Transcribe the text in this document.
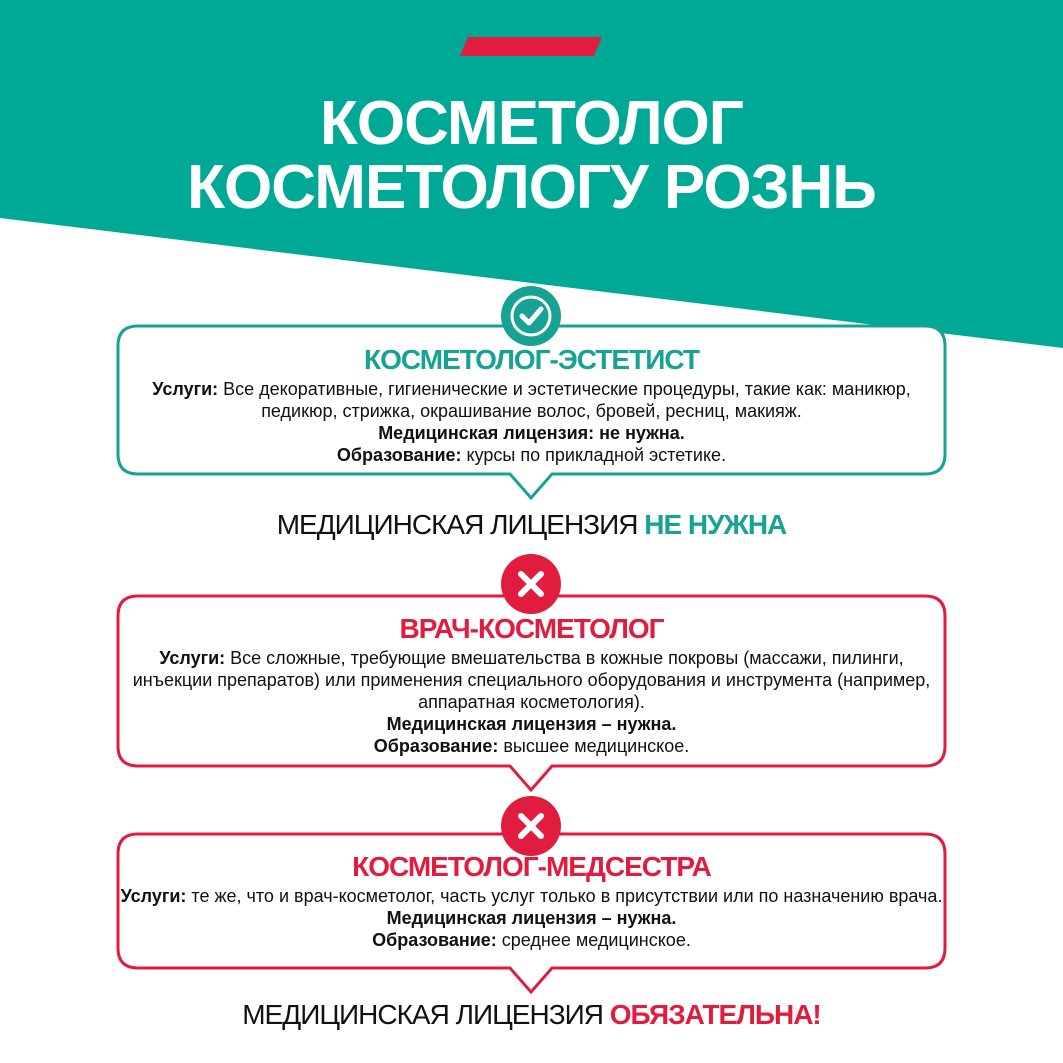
КОСМЕТОЛОГ
КОСМЕТОЛОГУ РОЗНЬ
КОСМЕТОЛОГ-ЭСТЕТИСТ
Услуги: Все декоративные, гигиенические и эстетические процедуры, такие как: маникюр, педикюр, стрижка, окрашивание волос, бровей, ресниц, макияж.
Медицинская лицензия: не нужна.
Образование: курсы по прикладной эстетике.
МЕДИЦИНСКАЯ ЛИЦЕНЗИЯ НЕ НУЖНА
ВРАЧ-КОСМЕТОЛОГ
Услуги: Все сложные, требующие вмешательства в кожные покровы (массажи, пилинги, инъекции препаратов) или применения специального оборудования и инструмента (например, аппаратная косметология).
Медицинская лицензия – нужна.
Образование: высшее медицинское.
КОСМЕТОЛОГ-МЕДСЕСТРА
Услуги: те же, что и врач-косметолог, часть услуг только в присутствии или по назначению врача. Медицинская лицензия – нужна.
Образование: среднее медицинское.
МЕДИЦИНСКАЯ ЛИЦЕНЗИЯ ОБЯЗАТЕЛЬНА!
